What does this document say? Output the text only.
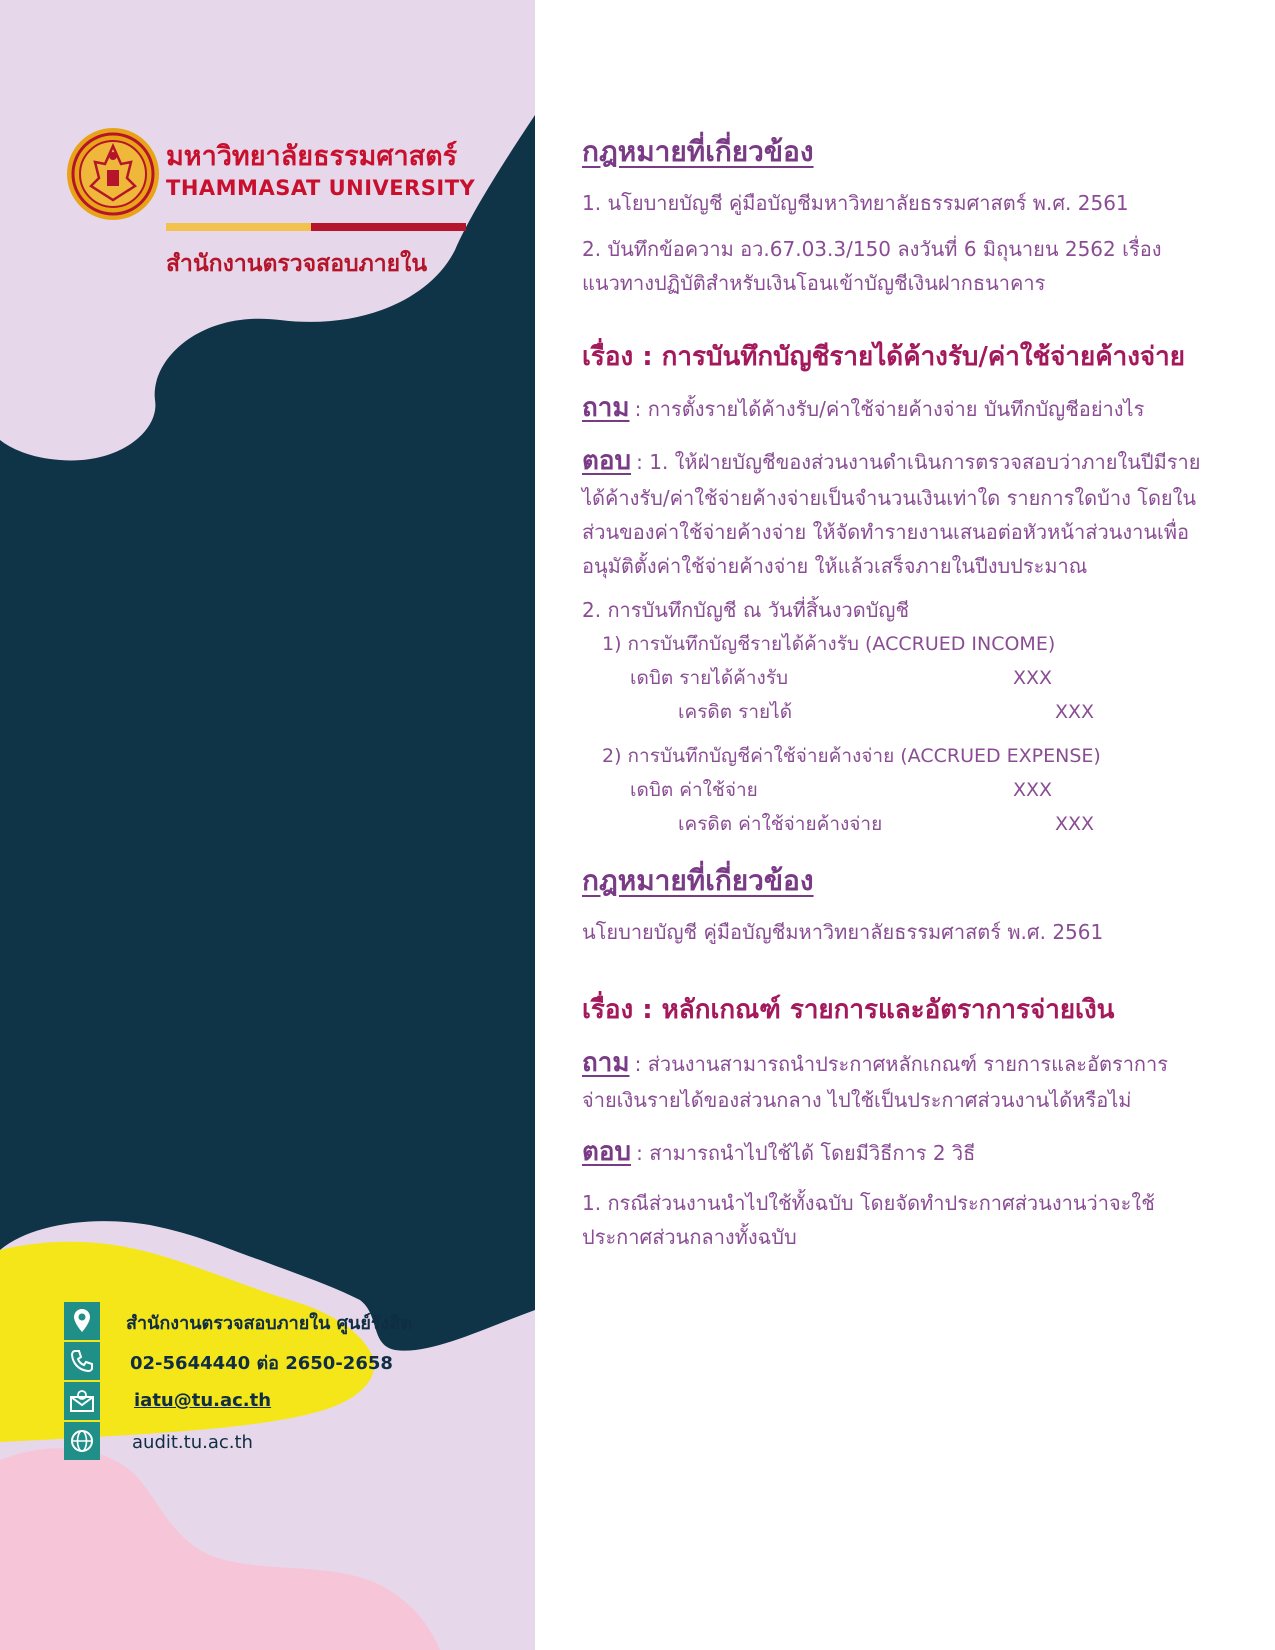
มหาวิทยาลัยธรรมศาสตร์
THAMMASAT UNIVERSITY
สำนักงานตรวจสอบภายใน
สำนักงานตรวจสอบภายใน ศูนย์รังสิต
02-5644440 ต่อ 2650-2658
iatu@tu.ac.th
audit.tu.ac.th
กฎหมายที่เกี่ยวข้อง

1. นโยบายบัญชี คู่มือบัญชีมหาวิทยาลัยธรรมศาสตร์ พ.ศ. 2561

2. บันทึกข้อความ อว.67.03.3/150 ลงวันที่ 6 มิถุนายน 2562 เรื่อง แนวทางปฏิบัติสำหรับเงินโอนเข้าบัญชีเงินฝากธนาคาร

เรื่อง : การบันทึกบัญชีรายได้ค้างรับ/ค่าใช้จ่ายค้างจ่าย
ถาม : การตั้งรายได้ค้างรับ/ค่าใช้จ่ายค้างจ่าย บันทึกบัญชีอย่างไร
ตอบ : 1. ให้ฝ่ายบัญชีของส่วนงานดำเนินการตรวจสอบว่าภายในปีมีรายได้ค้างรับ/ค่าใช้จ่ายค้างจ่ายเป็นจำนวนเงินเท่าใด รายการใดบ้าง โดยในส่วนของค่าใช้จ่ายค้างจ่าย ให้จัดทำรายงานเสนอต่อหัวหน้าส่วนงานเพื่ออนุมัติตั้งค่าใช้จ่ายค้างจ่าย ให้แล้วเสร็จภายในปีงบประมาณ

2. การบันทึกบัญชี ณ วันที่สิ้นงวดบัญชี

1) การบันทึกบัญชีรายได้ค้างรับ (ACCRUED INCOME)
เดบิต รายได้ค้างรับ	XXX
เครดิต รายได้	XXX
2) การบันทึกบัญชีค่าใช้จ่ายค้างจ่าย (ACCRUED EXPENSE)
เดบิต ค่าใช้จ่าย	XXX
เครดิต ค่าใช้จ่ายค้างจ่าย	XXX
กฎหมายที่เกี่ยวข้อง

นโยบายบัญชี คู่มือบัญชีมหาวิทยาลัยธรรมศาสตร์ พ.ศ. 2561

เรื่อง : หลักเกณฑ์ รายการและอัตราการจ่ายเงิน
ถาม : ส่วนงานสามารถนำประกาศหลักเกณฑ์ รายการและอัตราการจ่ายเงินรายได้ของส่วนกลาง ไปใช้เป็นประกาศส่วนงานได้หรือไม่
ตอบ : สามารถนำไปใช้ได้ โดยมีวิธีการ 2 วิธี

1. กรณีส่วนงานนำไปใช้ทั้งฉบับ โดยจัดทำประกาศส่วนงานว่าจะใช้ประกาศส่วนกลางทั้งฉบับ
